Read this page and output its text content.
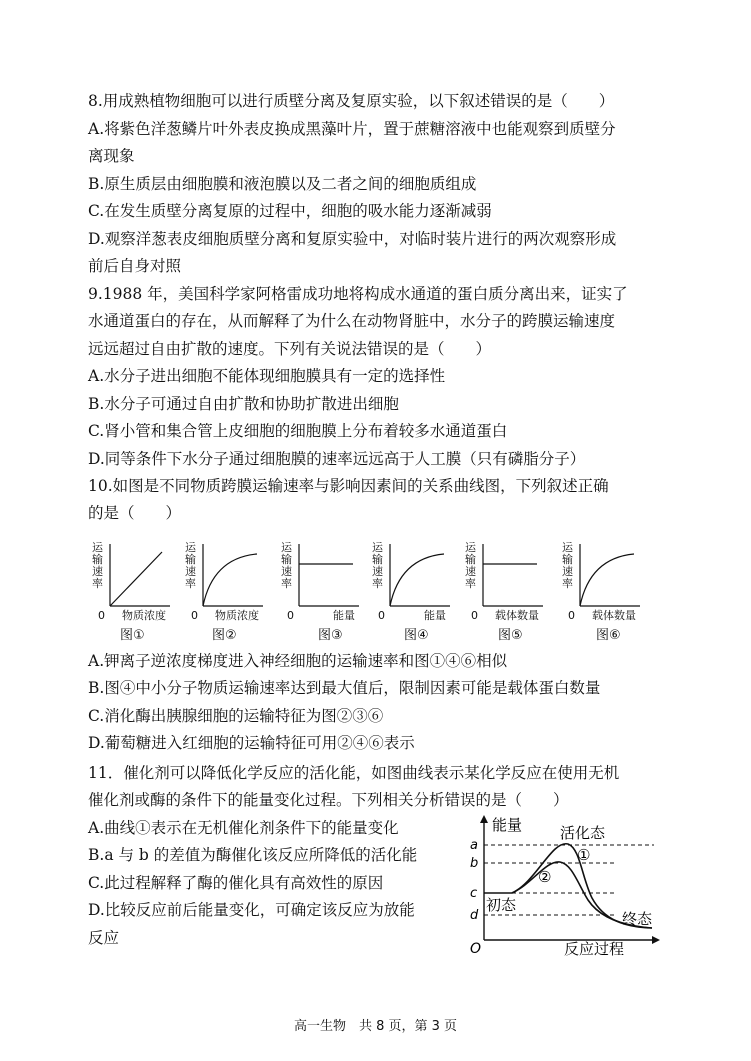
8.用成熟植物细胞可以进行质壁分离及复原实验，以下叙述错误的是（　　）
A.将紫色洋葱鳞片叶外表皮换成黑藻叶片，置于蔗糖溶液中也能观察到质壁分
离现象
B.原生质层由细胞膜和液泡膜以及二者之间的细胞质组成
C.在发生质壁分离复原的过程中，细胞的吸水能力逐渐减弱
D.观察洋葱表皮细胞质壁分离和复原实验中，对临时装片进行的两次观察形成
前后自身对照
9.1988 年，美国科学家阿格雷成功地将构成水通道的蛋白质分离出来，证实了
水通道蛋白的存在，从而解释了为什么在动物肾脏中，水分子的跨膜运输速度
远远超过自由扩散的速度。下列有关说法错误的是（　　）
A.水分子进出细胞不能体现细胞膜具有一定的选择性
B.水分子可通过自由扩散和协助扩散进出细胞
C.肾小管和集合管上皮细胞的细胞膜上分布着较多水通道蛋白
D.同等条件下水分子通过细胞膜的速率远远高于人工膜（只有磷脂分子）
10.如图是不同物质跨膜运输速率与影响因素间的关系曲线图，下列叙述正确
的是（　　）
运输速率
0 物质浓度
图①
运输速率
0 物质浓度
图②
运输速率
0	能量
图③
运输速率
0	能量
图④
运输速率
0 载体数量
图⑤
运输速率
0 载体数量
图⑥
A.钾离子逆浓度梯度进入神经细胞的运输速率和图①④⑥相似
B.图④中小分子物质运输速率达到最大值后，限制因素可能是载体蛋白数量
C.消化酶出胰腺细胞的运输特征为图②③⑥
D.葡萄糖进入红细胞的运输特征可用②④⑥表示
11．催化剂可以降低化学反应的活化能，如图曲线表示某化学反应在使用无机
催化剂或酶的条件下的能量变化过程。下列相关分析错误的是（　　）
A.曲线①表示在无机催化剂条件下的能量变化
B.a 与 b 的差值为酶催化该反应所降低的活化能
C.此过程解释了酶的催化具有高效性的原因
D.比较反应前后能量变化，可确定该反应为放能
反应
能量
O	反应过程
a
b
c
d
活化态
初态
终态
①
②
高一生物　共 8 页，第 3 页
